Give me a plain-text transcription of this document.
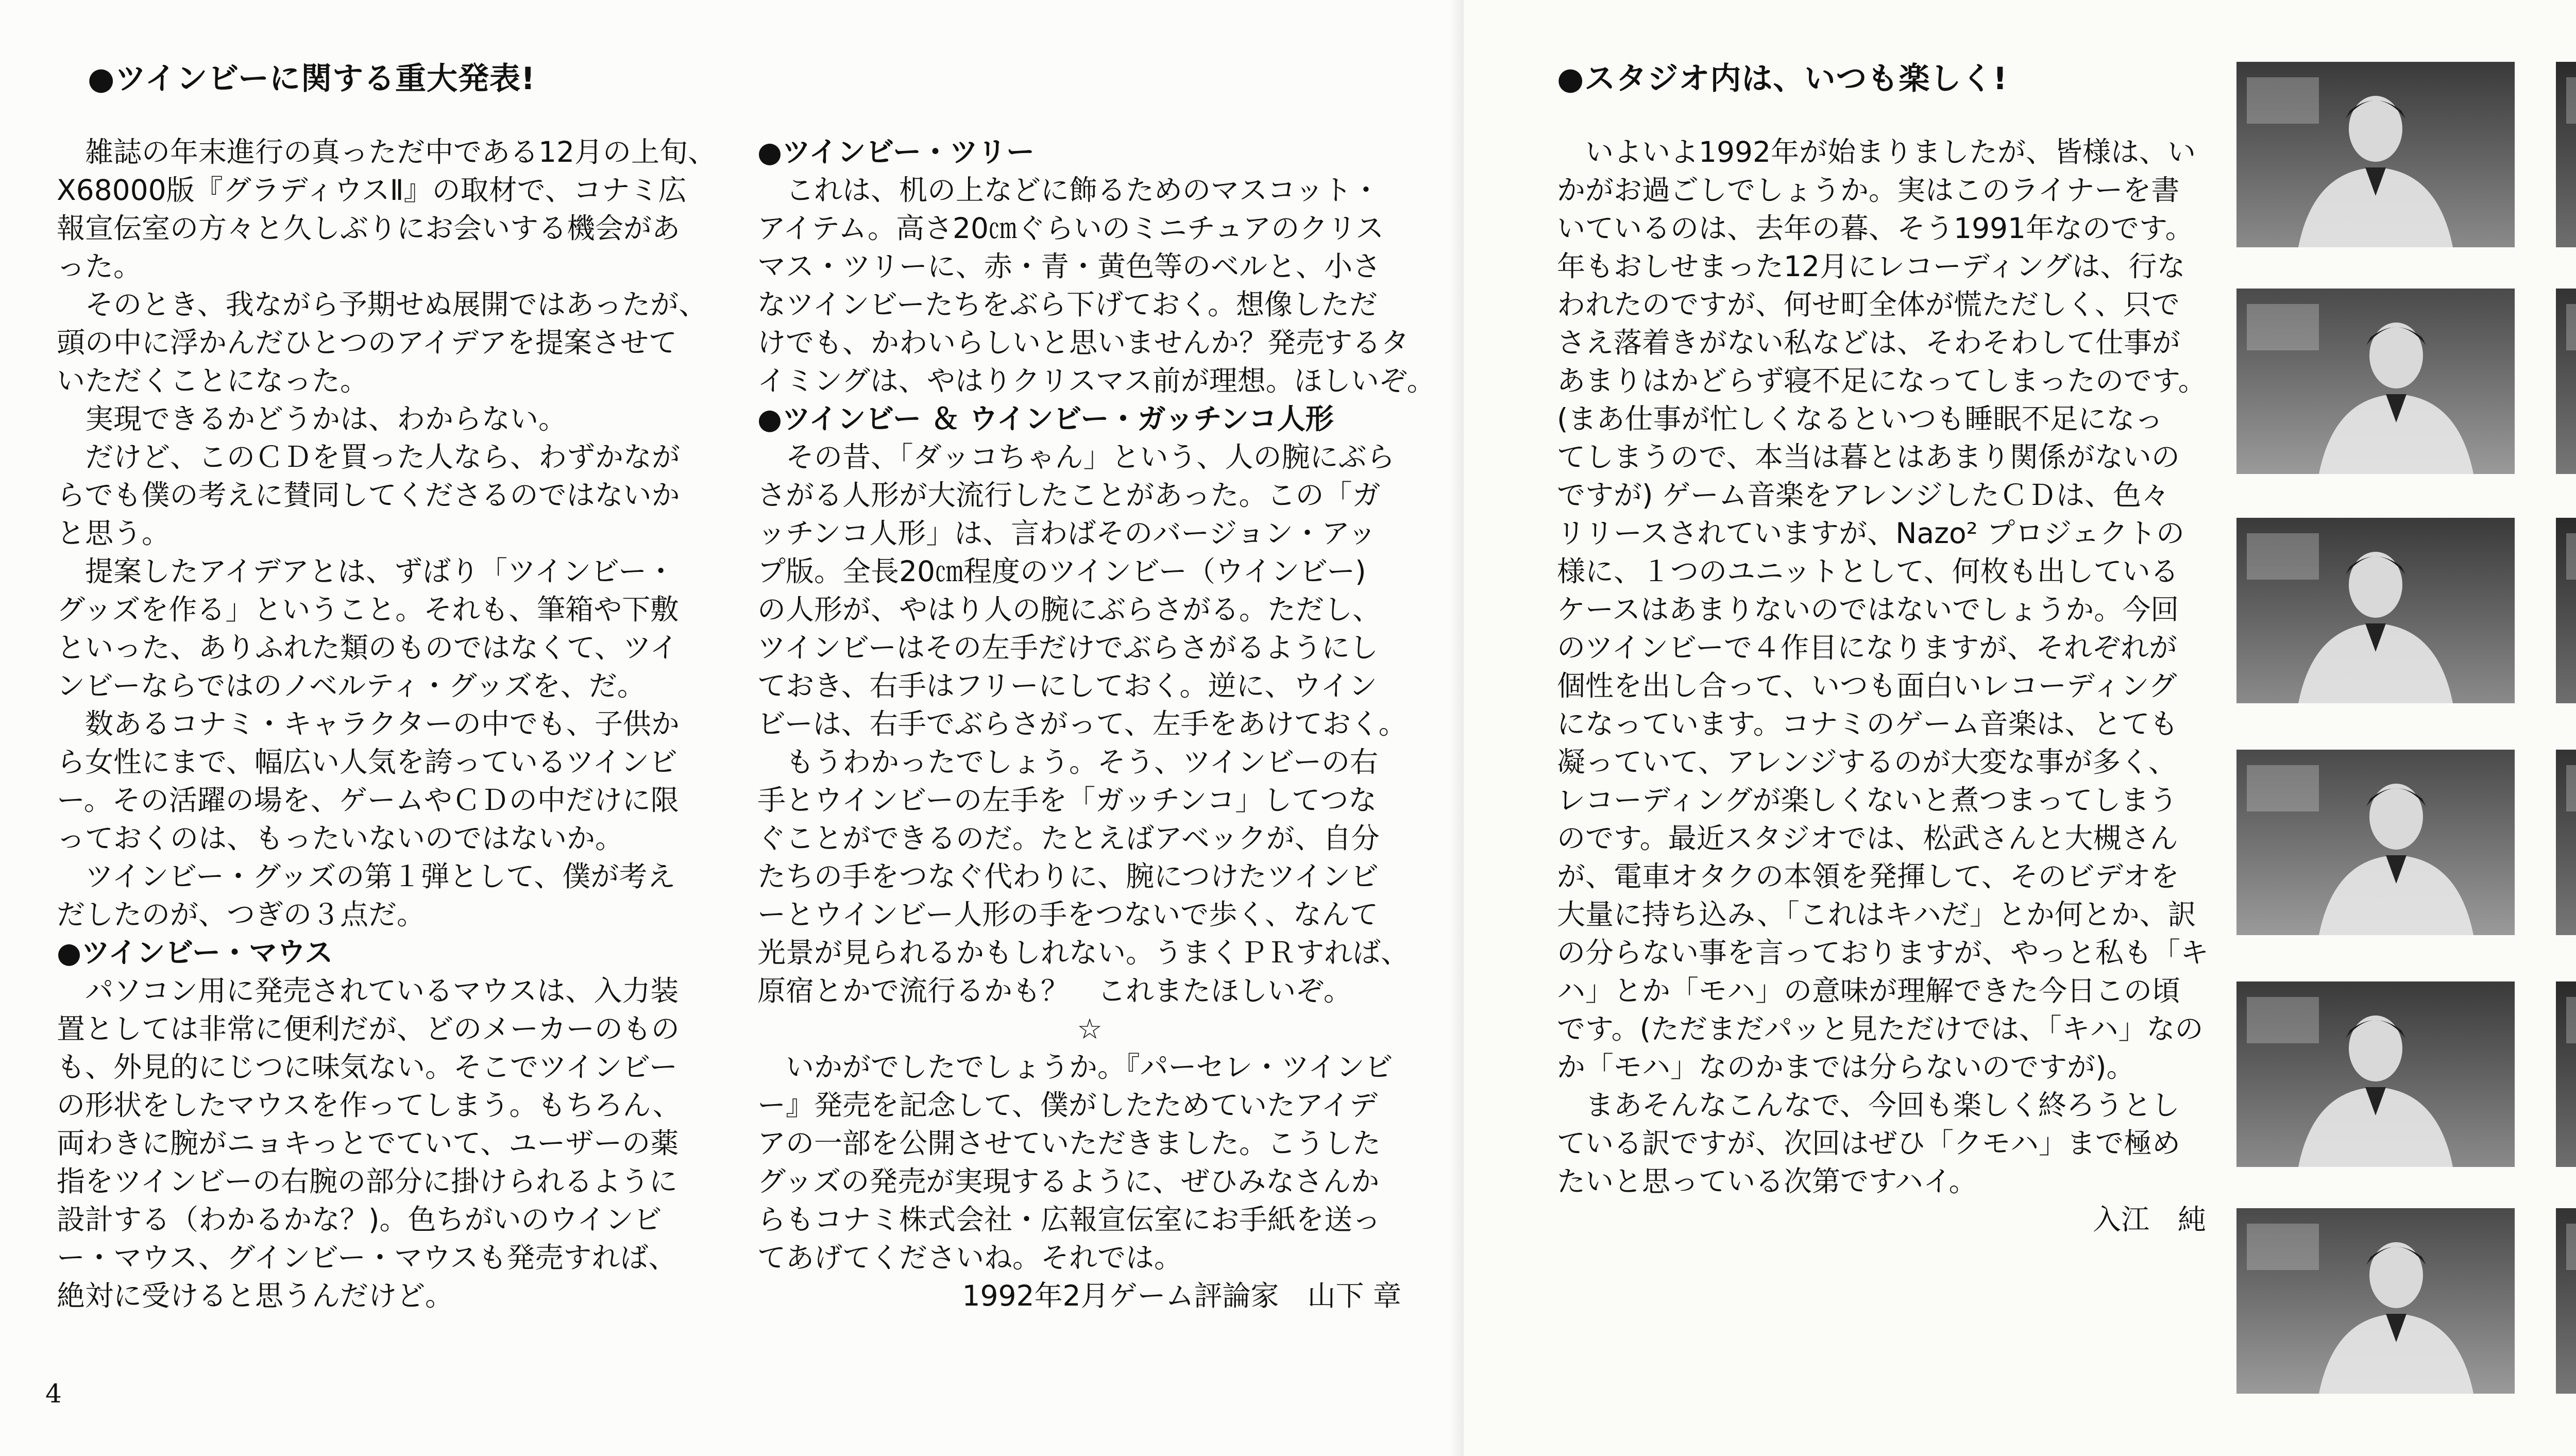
●ツインビーに関する重大発表!

　雑誌の年末進行の真っただ中である12月の上旬、

X68000版『グラディウスⅡ』の取材で、コナミ広

報宣伝室の方々と久しぶりにお会いする機会があ

った。

　そのとき、我ながら予期せぬ展開ではあったが、

頭の中に浮かんだひとつのアイデアを提案させて

いただくことになった。

　実現できるかどうかは、わからない。

　だけど、このＣＤを買った人なら、わずかなが

らでも僕の考えに賛同してくださるのではないか

と思う。

　提案したアイデアとは、ずばり「ツインビー・

グッズを作る」ということ。それも、筆箱や下敷

といった、ありふれた類のものではなくて、ツイ

ンビーならではのノベルティ・グッズを、だ。

　数あるコナミ・キャラクターの中でも、子供か

ら女性にまで、幅広い人気を誇っているツインビ

ー。その活躍の場を、ゲームやＣＤの中だけに限

っておくのは、もったいないのではないか。

　ツインビー・グッズの第１弾として、僕が考え

だしたのが、つぎの３点だ。

●ツインビー・マウス

　パソコン用に発売されているマウスは、入力装

置としては非常に便利だが、どのメーカーのもの

も、外見的にじつに味気ない。そこでツインビー

の形状をしたマウスを作ってしまう。もちろん、

両わきに腕がニョキっとでていて、ユーザーの薬

指をツインビーの右腕の部分に掛けられるように

設計する（わかるかな？)。色ちがいのウインビ

ー・マウス、グインビー・マウスも発売すれば、

絶対に受けると思うんだけど。

●ツインビー・ツリー

　これは、机の上などに飾るためのマスコット・

アイテム。高さ20㎝ぐらいのミニチュアのクリス

マス・ツリーに、赤・青・黄色等のベルと、小さ

なツインビーたちをぶら下げておく。想像しただ

けでも、かわいらしいと思いませんか？発売するタ

イミングは、やはりクリスマス前が理想。ほしいぞ。

●ツインビー ＆ ウインビー・ガッチンコ人形

　その昔、「ダッコちゃん」という、人の腕にぶら

さがる人形が大流行したことがあった。この「ガ

ッチンコ人形」は、言わばそのバージョン・アッ

プ版。全長20㎝程度のツインビー（ウインビー)

の人形が、やはり人の腕にぶらさがる。ただし、

ツインビーはその左手だけでぶらさがるようにし

ておき、右手はフリーにしておく。逆に、ウイン

ビーは、右手でぶらさがって、左手をあけておく。

　もうわかったでしょう。そう、ツインビーの右

手とウインビーの左手を「ガッチンコ」してつな

ぐことができるのだ。たとえばアベックが、自分

たちの手をつなぐ代わりに、腕につけたツインビ

ーとウインビー人形の手をつないで歩く、なんて

光景が見られるかもしれない。うまくＰＲすれば、

原宿とかで流行るかも？　これまたほしいぞ。

☆

　いかがでしたでしょうか。『パーセレ・ツインビ

ー』発売を記念して、僕がしたためていたアイデ

アの一部を公開させていただきました。こうした

グッズの発売が実現するように、ぜひみなさんか

らもコナミ株式会社・広報宣伝室にお手紙を送っ

てあげてくださいね。それでは。

1992年2月ゲーム評論家　山下 章

4
●スタジオ内は、いつも楽しく!

　いよいよ1992年が始まりましたが、皆様は、い

かがお過ごしでしょうか。実はこのライナーを書

いているのは、去年の暮、そう1991年なのです。

年もおしせまった12月にレコーディングは、行な

われたのですが、何せ町全体が慌ただしく、只で

さえ落着きがない私などは、そわそわして仕事が

あまりはかどらず寝不足になってしまったのです。

(まあ仕事が忙しくなるといつも睡眠不足になっ

てしまうので、本当は暮とはあまり関係がないの

ですが) ゲーム音楽をアレンジしたＣＤは、色々

リリースされていますが、Nazo² プロジェクトの

様に、１つのユニットとして、何枚も出している

ケースはあまりないのではないでしょうか。今回

のツインビーで４作目になりますが、それぞれが

個性を出し合って、いつも面白いレコーディング

になっています。コナミのゲーム音楽は、とても

凝っていて、アレンジするのが大変な事が多く、

レコーディングが楽しくないと煮つまってしまう

のです。最近スタジオでは、松武さんと大槻さん

が、電車オタクの本領を発揮して、そのビデオを

大量に持ち込み、「これはキハだ」とか何とか、訳

の分らない事を言っておりますが、やっと私も「キ

ハ」とか「モハ」の意味が理解できた今日この頃

です。(ただまだパッと見ただけでは、「キハ」なの

か「モハ」なのかまでは分らないのですが)。

　まあそんなこんなで、今回も楽しく終ろうとし

ている訳ですが、次回はぜひ「クモハ」まで極め

たいと思っている次第ですハイ。

入江　純
